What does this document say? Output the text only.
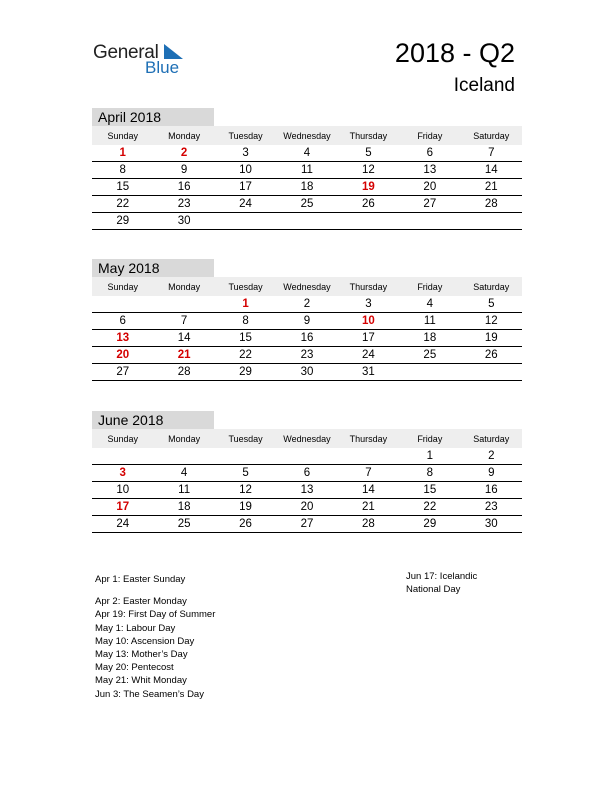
General
Blue	2018 - Q2
Iceland
April 2018
Sunday	Monday	Tuesday	Wednesday	Thursday	Friday	Saturday
1	2	3	4	5	6	7
8	9	10	11	12	13	14
15	16	17	18	19	20	21
22	23	24	25	26	27	28
29	30					
May 2018
Sunday	Monday	Tuesday	Wednesday	Thursday	Friday	Saturday
		1	2	3	4	5
6	7	8	9	10	11	12
13	14	15	16	17	18	19
20	21	22	23	24	25	26
27	28	29	30	31		
June 2018
Sunday	Monday	Tuesday	Wednesday	Thursday	Friday	Saturday
					1	2
3	4	5	6	7	8	9
10	11	12	13	14	15	16
17	18	19	20	21	22	23
24	25	26	27	28	29	30
Apr 1: Easter Sunday
Apr 2: Easter Monday
Apr 19: First Day of Summer
May 1: Labour Day
May 10: Ascension Day
May 13: Mother’s Day
May 20: Pentecost
May 21: Whit Monday
Jun 3: The Seamen’s Day
Jun 17: Icelandic National Day
